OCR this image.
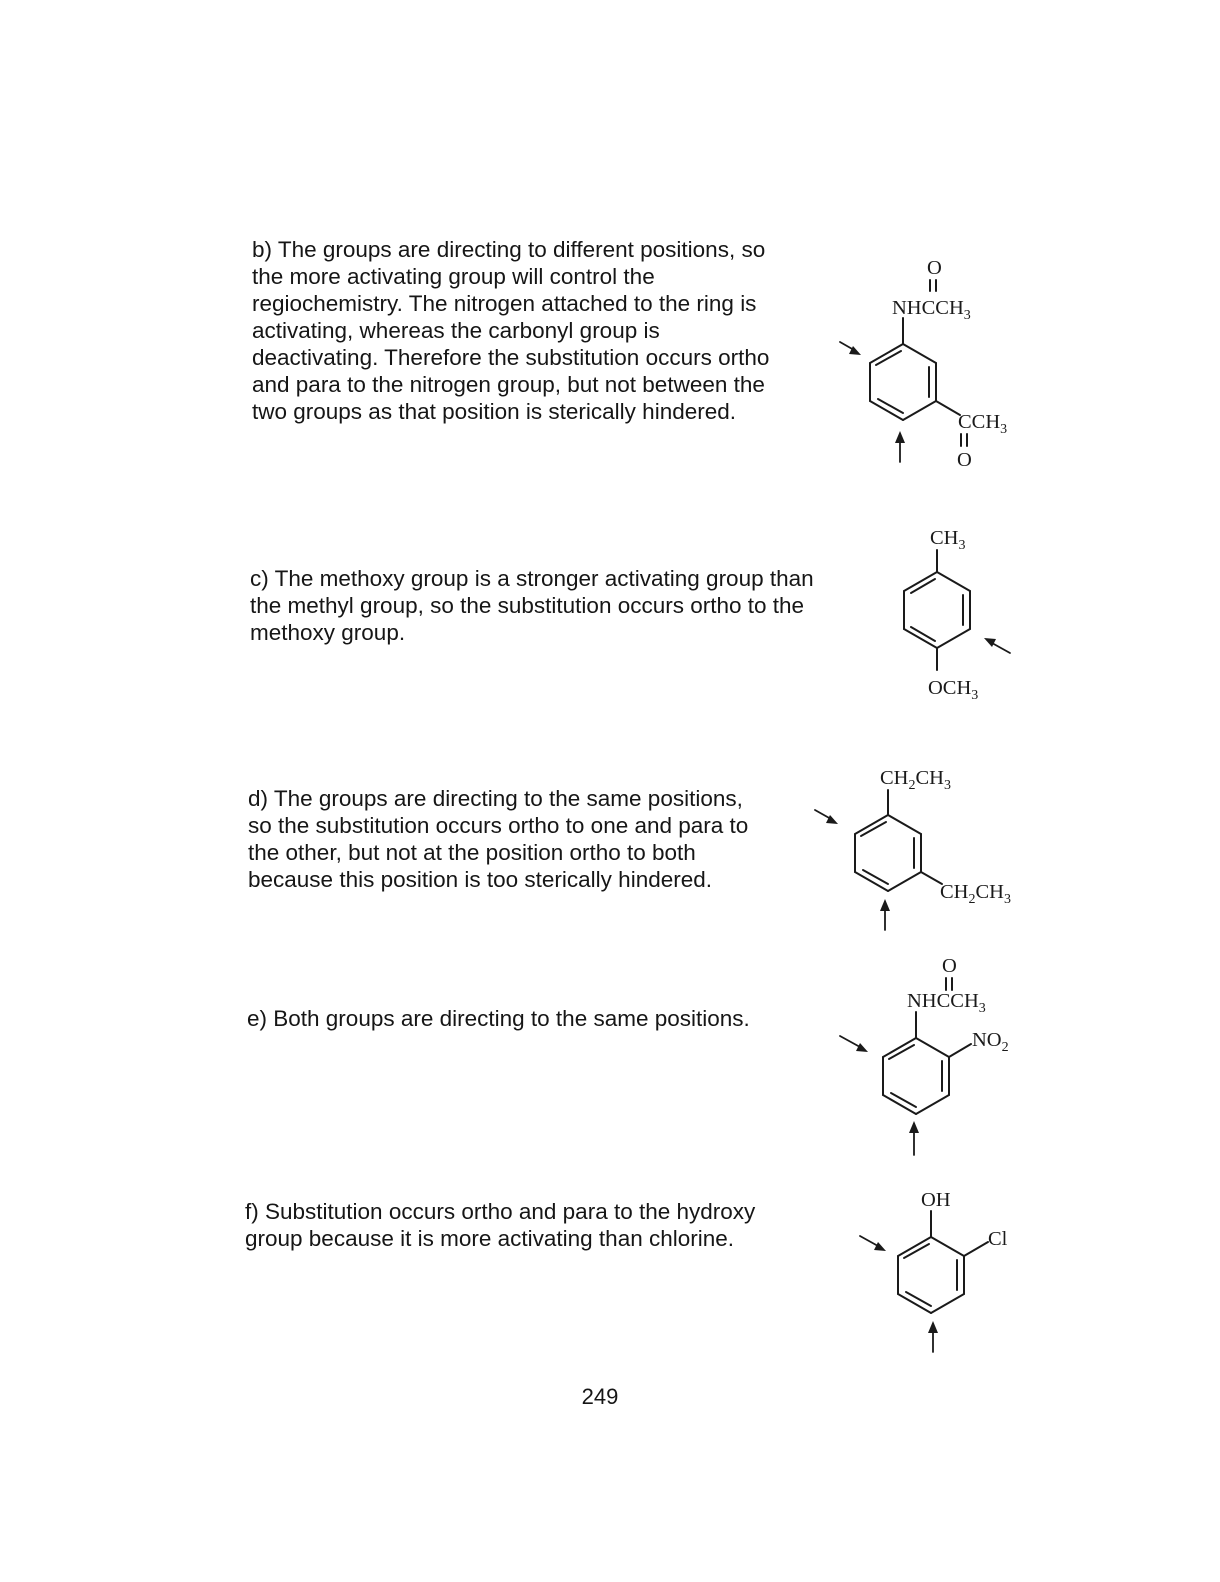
b) The groups are directing to different positions, so
the more activating group will control the
regiochemistry. The nitrogen attached to the ring is
activating, whereas the carbonyl group is
deactivating. Therefore the substitution occurs ortho
and para to the nitrogen group, but not between the
two groups as that position is sterically hindered.

c) The methoxy group is a stronger activating group than
the methyl group, so the substitution occurs ortho to the
methoxy group.

d) The groups are directing to the same positions,
so the substitution occurs ortho to one and para to
the other, but not at the position ortho to both
because this position is too sterically hindered.

e) Both groups are directing to the same positions.

f) Substitution occurs ortho and para to the hydroxy
group because it is more activating than chlorine.

O
$NHCCH_3$
$CCH_3$
O
$CH_3$
$OCH_3$
$CH_2CH_3$
$CH_2CH_3$
O
$NHCCH_3$
$NO_2$
OH
Cl
249
